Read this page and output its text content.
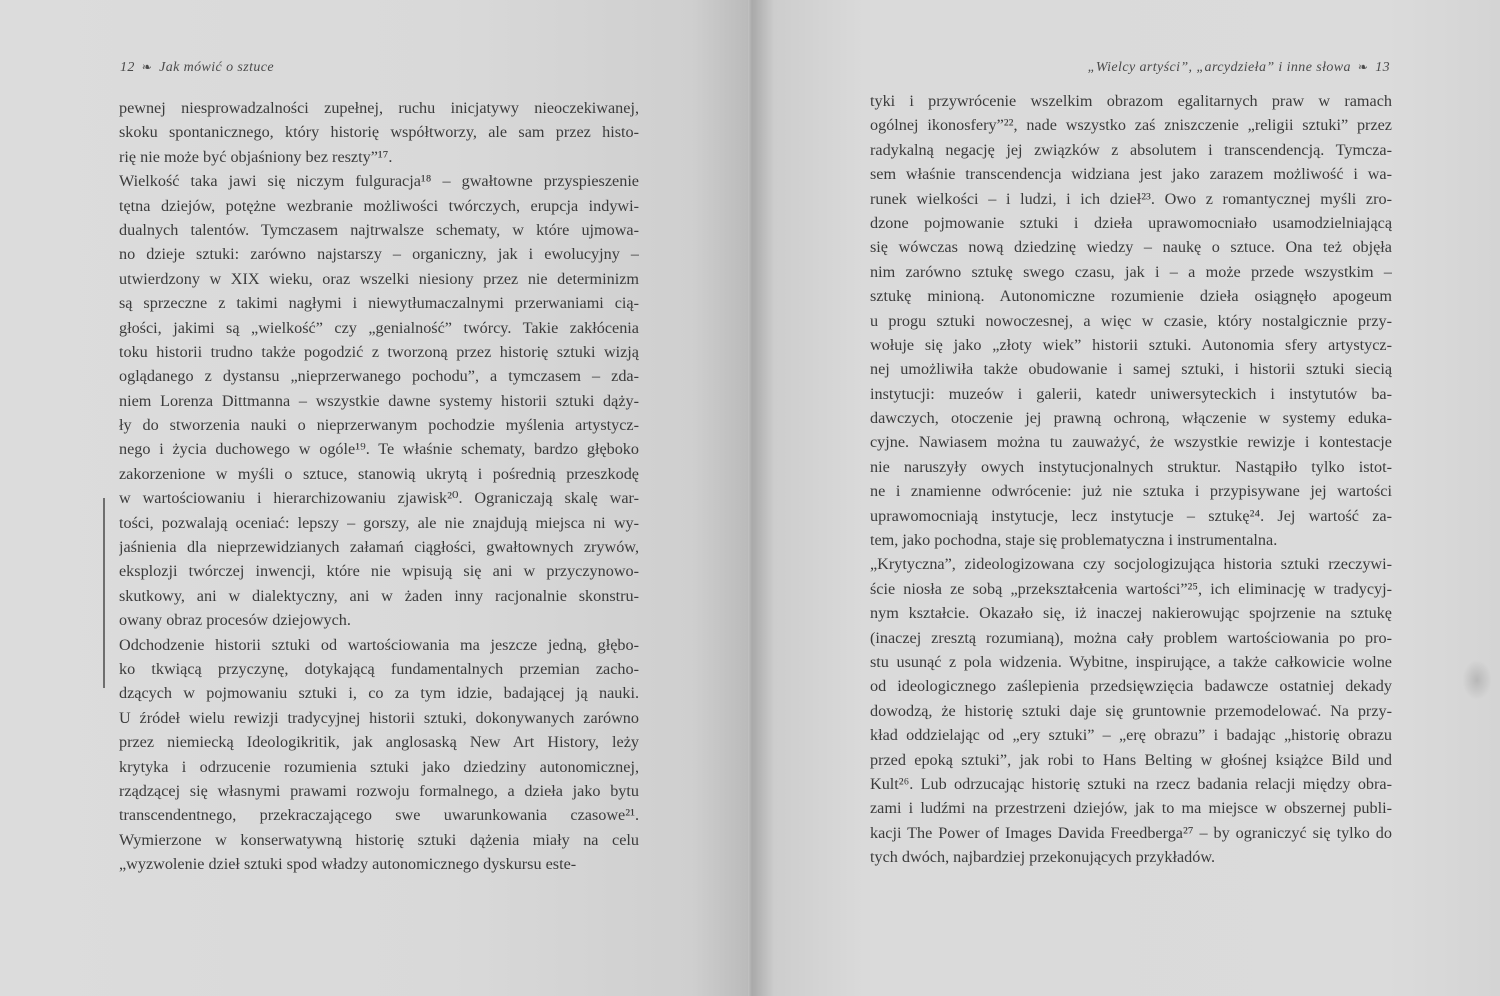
12 ❧ Jak mówić o sztuce
pewnej niesprowadzalności zupełnej, ruchu inicjatywy nieoczekiwanej,
skoku spontanicznego, który historię współtworzy, ale sam przez histo-
rię nie może być objaśniony bez reszty”¹⁷.
Wielkość taka jawi się niczym fulguracja¹⁸ – gwałtowne przyspieszenie
tętna dziejów, potężne wezbranie możliwości twórczych, erupcja indywi-
dualnych talentów. Tymczasem najtrwalsze schematy, w które ujmowa-
no dzieje sztuki: zarówno najstarszy – organiczny, jak i ewolucyjny –
utwierdzony w XIX wieku, oraz wszelki niesiony przez nie determinizm
są sprzeczne z takimi nagłymi i niewytłumaczalnymi przerwaniami cią-
głości, jakimi są „wielkość” czy „genialność” twórcy. Takie zakłócenia
toku historii trudno także pogodzić z tworzoną przez historię sztuki wizją
oglądanego z dystansu „nieprzerwanego pochodu”, a tymczasem – zda-
niem Lorenza Dittmanna – wszystkie dawne systemy historii sztuki dąży-
ły do stworzenia nauki o nieprzerwanym pochodzie myślenia artystycz-
nego i życia duchowego w ogóle¹⁹. Te właśnie schematy, bardzo głęboko
zakorzenione w myśli o sztuce, stanowią ukrytą i pośrednią przeszkodę
w wartościowaniu i hierarchizowaniu zjawisk²⁰. Ograniczają skalę war-
tości, pozwalają oceniać: lepszy – gorszy, ale nie znajdują miejsca ni wy-
jaśnienia dla nieprzewidzianych załamań ciągłości, gwałtownych zrywów,
eksplozji twórczej inwencji, które nie wpisują się ani w przyczynowo-
skutkowy, ani w dialektyczny, ani w żaden inny racjonalnie skonstru-
owany obraz procesów dziejowych.
Odchodzenie historii sztuki od wartościowania ma jeszcze jedną, głębo-
ko tkwiącą przyczynę, dotykającą fundamentalnych przemian zacho-
dzących w pojmowaniu sztuki i, co za tym idzie, badającej ją nauki.
U źródeł wielu rewizji tradycyjnej historii sztuki, dokonywanych zarówno
przez niemiecką Ideologikritik, jak anglosaską New Art History, leży
krytyka i odrzucenie rozumienia sztuki jako dziedziny autonomicznej,
rządzącej się własnymi prawami rozwoju formalnego, a dzieła jako bytu
transcendentnego, przekraczającego swe uwarunkowania czasowe²¹.
Wymierzone w konserwatywną historię sztuki dążenia miały na celu
„wyzwolenie dzieł sztuki spod władzy autonomicznego dyskursu este-
„Wielcy artyści”, „arcydzieła” i inne słowa ❧ 13
tyki i przywrócenie wszelkim obrazom egalitarnych praw w ramach
ogólnej ikonosfery”²², nade wszystko zaś zniszczenie „religii sztuki” przez
radykalną negację jej związków z absolutem i transcendencją. Tymcza-
sem właśnie transcendencja widziana jest jako zarazem możliwość i wa-
runek wielkości – i ludzi, i ich dzieł²³. Owo z romantycznej myśli zro-
dzone pojmowanie sztuki i dzieła uprawomocniało usamodzielniającą
się wówczas nową dziedzinę wiedzy – naukę o sztuce. Ona też objęła
nim zarówno sztukę swego czasu, jak i – a może przede wszystkim –
sztukę minioną. Autonomiczne rozumienie dzieła osiągnęło apogeum
u progu sztuki nowoczesnej, a więc w czasie, który nostalgicznie przy-
wołuje się jako „złoty wiek” historii sztuki. Autonomia sfery artystycz-
nej umożliwiła także obudowanie i samej sztuki, i historii sztuki siecią
instytucji: muzeów i galerii, katedr uniwersyteckich i instytutów ba-
dawczych, otoczenie jej prawną ochroną, włączenie w systemy eduka-
cyjne. Nawiasem można tu zauważyć, że wszystkie rewizje i kontestacje
nie naruszyły owych instytucjonalnych struktur. Nastąpiło tylko istot-
ne i znamienne odwrócenie: już nie sztuka i przypisywane jej wartości
uprawomocniają instytucje, lecz instytucje – sztukę²⁴. Jej wartość za-
tem, jako pochodna, staje się problematyczna i instrumentalna.
„Krytyczna”, zideologizowana czy socjologizująca historia sztuki rzeczywi-
ście niosła ze sobą „przekształcenia wartości”²⁵, ich eliminację w tradycyj-
nym kształcie. Okazało się, iż inaczej nakierowując spojrzenie na sztukę
(inaczej zresztą rozumianą), można cały problem wartościowania po pro-
stu usunąć z pola widzenia. Wybitne, inspirujące, a także całkowicie wolne
od ideologicznego zaślepienia przedsięwzięcia badawcze ostatniej dekady
dowodzą, że historię sztuki daje się gruntownie przemodelować. Na przy-
kład oddzielając od „ery sztuki” – „erę obrazu” i badając „historię obrazu
przed epoką sztuki”, jak robi to Hans Belting w głośnej książce Bild und
Kult²⁶. Lub odrzucając historię sztuki na rzecz badania relacji między obra-
zami i ludźmi na przestrzeni dziejów, jak to ma miejsce w obszernej publi-
kacji The Power of Images Davida Freedberga²⁷ – by ograniczyć się tylko do
tych dwóch, najbardziej przekonujących przykładów.
